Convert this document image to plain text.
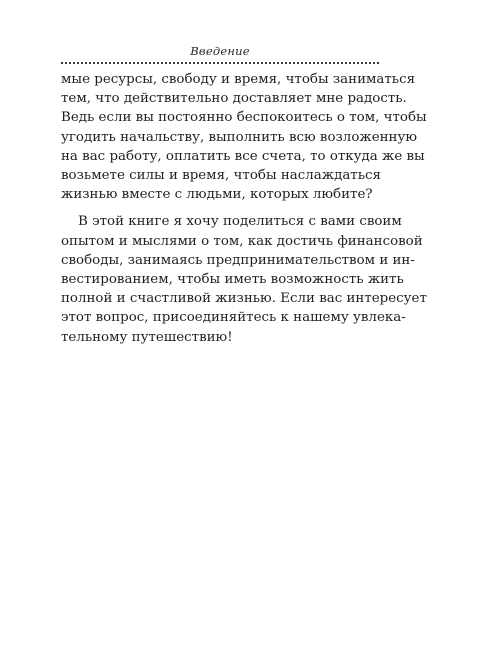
Введение
мые ресурсы, свободу и время, чтобы заниматься
тем, что действительно доставляет мне радость.
Ведь если вы постоянно беспокоитесь о том, чтобы
угодить начальству, выполнить всю возложенную
на вас работу, оплатить все счета, то откуда же вы
возьмете силы и время, чтобы наслаждаться
жизнью вместе с людьми, которых любите?
В этой книге я хочу поделиться с вами своим
опытом и мыслями о том, как достичь финансовой
свободы, занимаясь предпринимательством и ин-
вестированием, чтобы иметь возможность жить
полной и счастливой жизнью. Если вас интересует
этот вопрос, присоединяйтесь к нашему увлека-
тельному путешествию!
